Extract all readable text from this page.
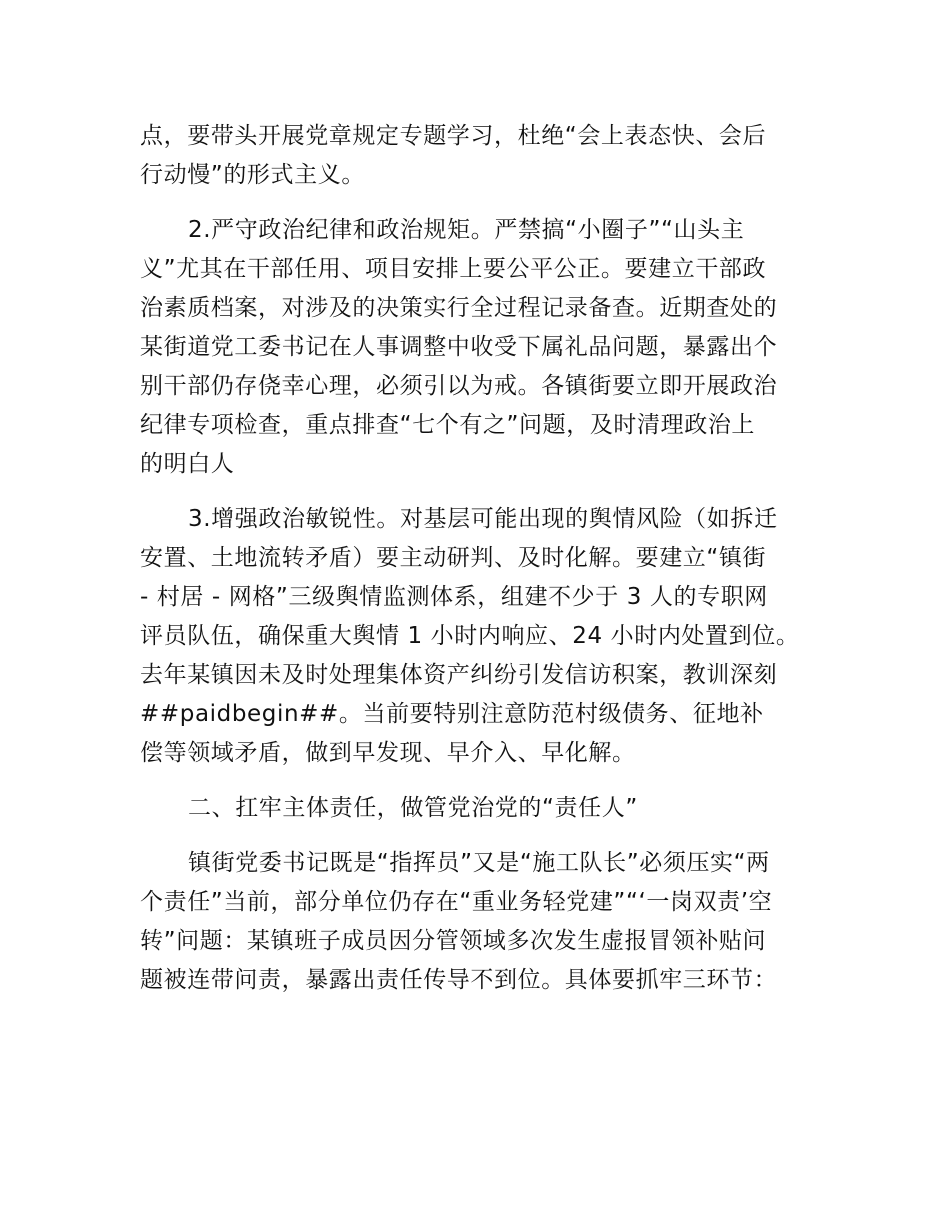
点，要带头开展党章规定专题学习，杜绝“会上表态快、会后
行动慢”的形式主义。
2.严守政治纪律和政治规矩。严禁搞“小圈子”“山头主
义”尤其在干部任用、项目安排上要公平公正。要建立干部政
治素质档案，对涉及的决策实行全过程记录备查。近期查处的
某街道党工委书记在人事调整中收受下属礼品问题，暴露出个
别干部仍存侥幸心理，必须引以为戒。各镇街要立即开展政治
纪律专项检查，重点排查“七个有之”问题，及时清理政治上
的明白人
3.增强政治敏锐性。对基层可能出现的舆情风险（如拆迁
安置、土地流转矛盾）要主动研判、及时化解。要建立“镇街
- 村居 - 网格”三级舆情监测体系，组建不少于 3 人的专职网
评员队伍，确保重大舆情 1 小时内响应、24 小时内处置到位。
去年某镇因未及时处理集体资产纠纷引发信访积案，教训深刻
##paidbegin##。当前要特别注意防范村级债务、征地补
偿等领域矛盾，做到早发现、早介入、早化解。
二、扛牢主体责任，做管党治党的“责任人”
镇街党委书记既是“指挥员”又是“施工队长”必须压实“两
个责任”当前，部分单位仍存在“重业务轻党建”“‘一岗双责’空
转”问题：某镇班子成员因分管领域多次发生虚报冒领补贴问
题被连带问责，暴露出责任传导不到位。具体要抓牢三环节：
